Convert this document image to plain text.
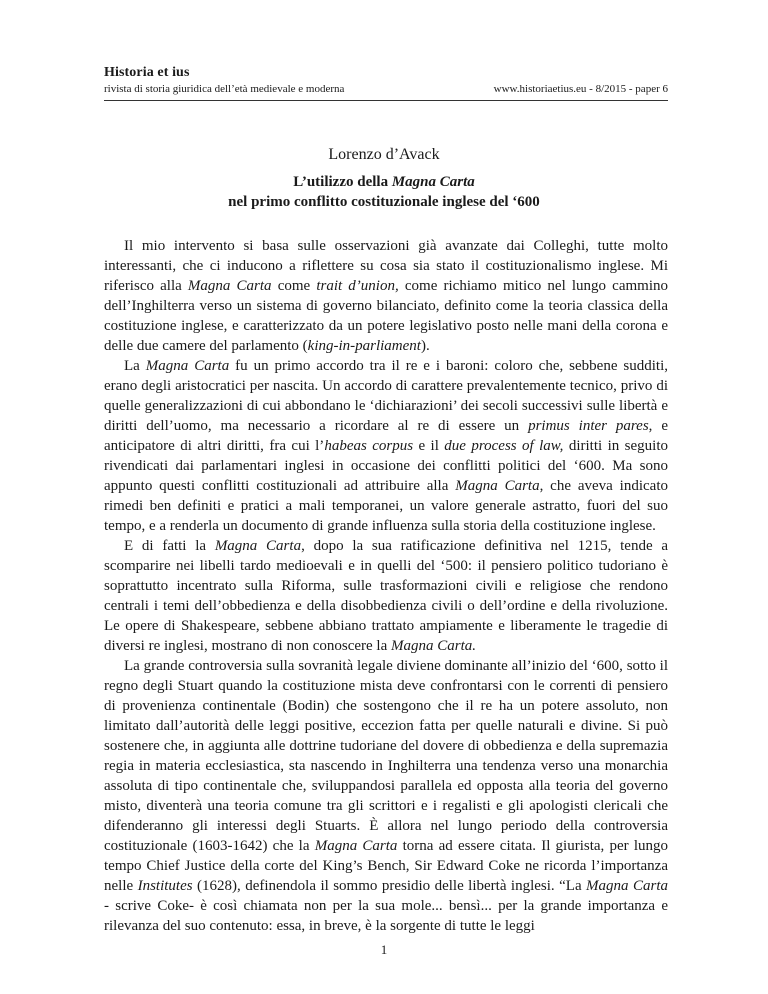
Historia et ius
rivista di storia giuridica dell’età medievale e moderna	www.historiaetius.eu - 8/2015 - paper 6
Lorenzo d’Avack
L’utilizzo della Magna Carta
nel primo conflitto costituzionale inglese del ‘600

Il mio intervento si basa sulle osservazioni già avanzate dai Colleghi, tutte molto interessanti, che ci inducono a riflettere su cosa sia stato il costituzionalismo inglese. Mi riferisco alla Magna Carta come trait d’union, come richiamo mitico nel lungo cammino dell’Inghilterra verso un sistema di governo bilanciato, definito come la teoria classica della costituzione inglese, e caratterizzato da un potere legislativo posto nelle mani della corona e delle due camere del parlamento (king-in-parliament).

La Magna Carta fu un primo accordo tra il re e i baroni: coloro che, sebbene sudditi, erano degli aristocratici per nascita. Un accordo di carattere prevalentemente tecnico, privo di quelle generalizzazioni di cui abbondano le ‘dichiarazioni’ dei secoli successivi sulle libertà e diritti dell’uomo, ma necessario a ricordare al re di essere un primus inter pares, e anticipatore di altri diritti, fra cui l’habeas corpus e il due process of law, diritti in seguito rivendicati dai parlamentari inglesi in occasione dei conflitti politici del ‘600. Ma sono appunto questi conflitti costituzionali ad attribuire alla Magna Carta, che aveva indicato rimedi ben definiti e pratici a mali temporanei, un valore generale astratto, fuori del suo tempo, e a renderla un documento di grande influenza sulla storia della costituzione inglese.

E di fatti la Magna Carta, dopo la sua ratificazione definitiva nel 1215, tende a scomparire nei libelli tardo medioevali e in quelli del ‘500: il pensiero politico tudoriano è soprattutto incentrato sulla Riforma, sulle trasformazioni civili e religiose che rendono centrali i temi dell’obbedienza e della disobbedienza civili o dell’ordine e della rivoluzione. Le opere di Shakespeare, sebbene abbiano trattato ampiamente e liberamente le tragedie di diversi re inglesi, mostrano di non conoscere la Magna Carta.

La grande controversia sulla sovranità legale diviene dominante all’inizio del ‘600, sotto il regno degli Stuart quando la costituzione mista deve confrontarsi con le correnti di pensiero di provenienza continentale (Bodin) che sostengono che il re ha un potere assoluto, non limitato dall’autorità delle leggi positive, eccezion fatta per quelle naturali e divine. Si può sostenere che, in aggiunta alle dottrine tudoriane del dovere di obbedienza e della supremazia regia in materia ecclesiastica, sta nascendo in Inghilterra una tendenza verso una monarchia assoluta di tipo continentale che, sviluppandosi parallela ed opposta alla teoria del governo misto, diventerà una teoria comune tra gli scrittori e i regalisti e gli apologisti clericali che difenderanno gli interessi degli Stuarts. È allora nel lungo periodo della controversia costituzionale (1603-1642) che la Magna Carta torna ad essere citata. Il giurista, per lungo tempo Chief Justice della corte del King’s Bench, Sir Edward Coke ne ricorda l’importanza nelle Institutes (1628), definendola il sommo presidio delle libertà inglesi. “La Magna Carta - scrive Coke- è così chiamata non per la sua mole... bensì... per la grande importanza e rilevanza del suo contenuto: essa, in breve, è la sorgente di tutte le leggi

1
